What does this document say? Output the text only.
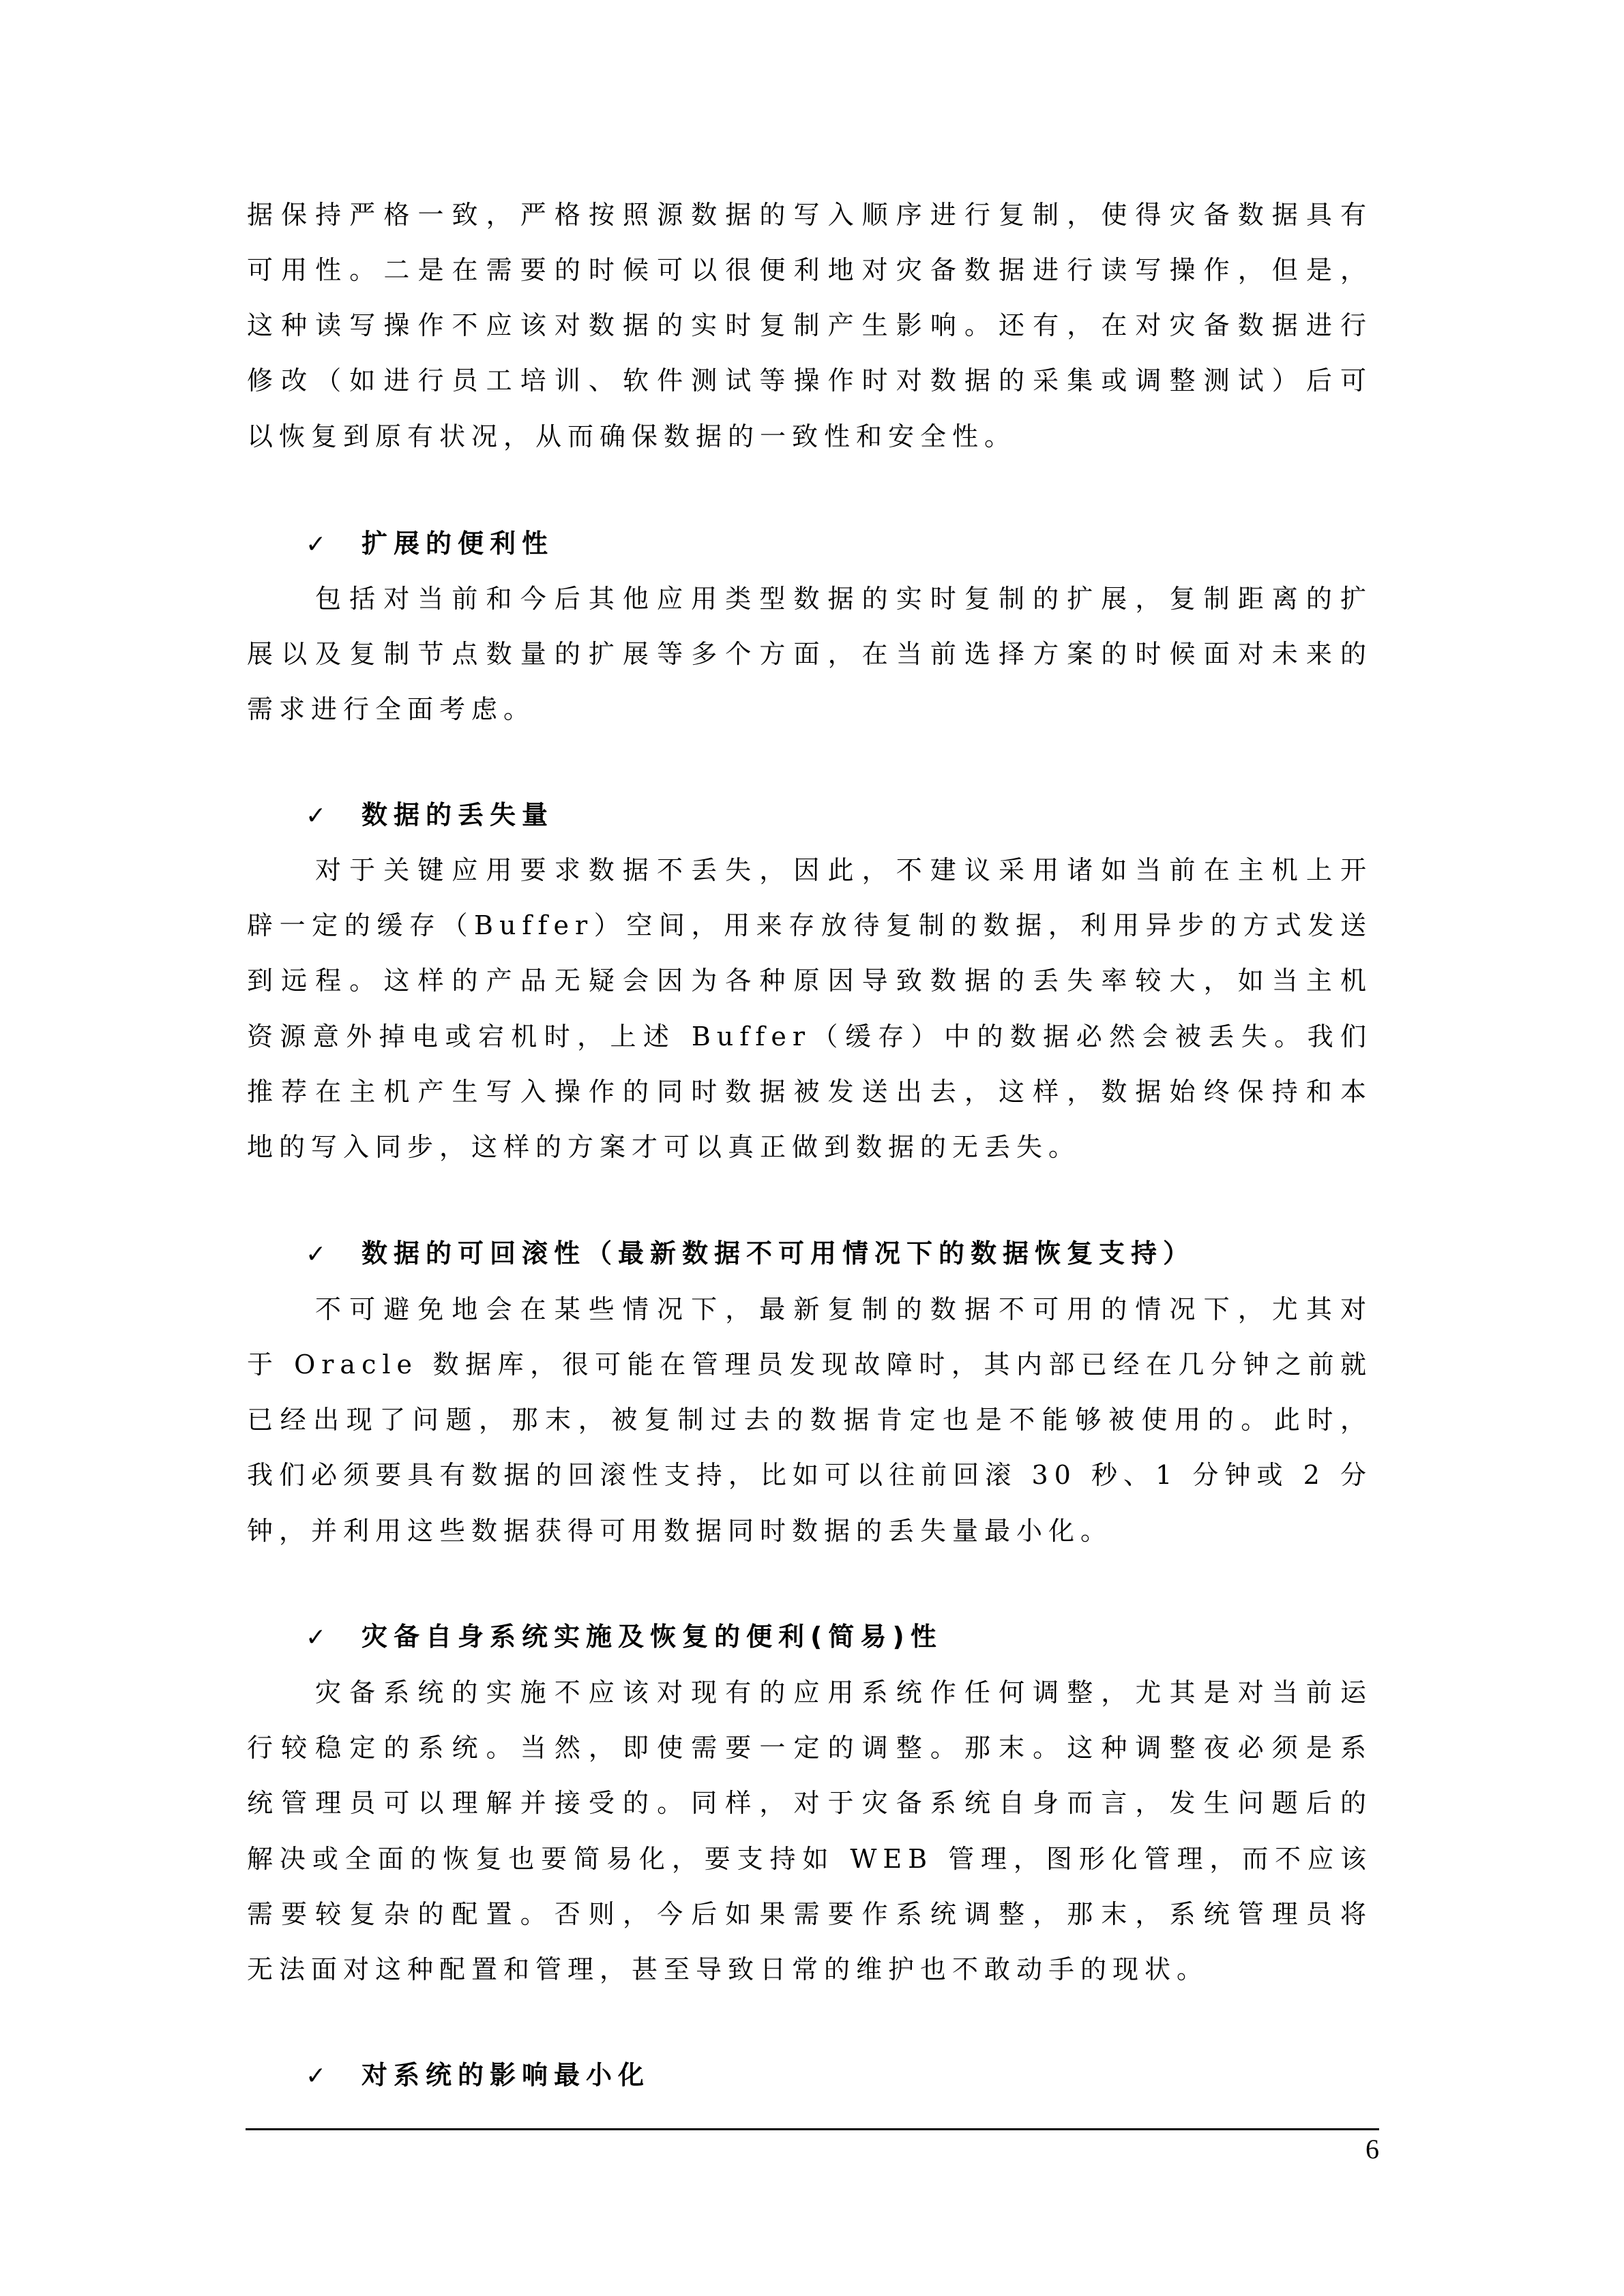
据保持严格一致，严格按照源数据的写入顺序进行复制，使得灾备数据具有
可用性。二是在需要的时候可以很便利地对灾备数据进行读写操作，但是，
这种读写操作不应该对数据的实时复制产生影响。还有，在对灾备数据进行
修改（如进行员工培训、软件测试等操作时对数据的采集或调整测试）后可
以恢复到原有状况，从而确保数据的一致性和安全性。
✓ 扩展的便利性
包括对当前和今后其他应用类型数据的实时复制的扩展，复制距离的扩
展以及复制节点数量的扩展等多个方面，在当前选择方案的时候面对未来的
需求进行全面考虑。
✓ 数据的丢失量
对于关键应用要求数据不丢失，因此，不建议采用诸如当前在主机上开
辟一定的缓存（Buffer）空间，用来存放待复制的数据，利用异步的方式发送
到远程。这样的产品无疑会因为各种原因导致数据的丢失率较大，如当主机
资源意外掉电或宕机时，上述 Buffer（缓存）中的数据必然会被丢失。我们
推荐在主机产生写入操作的同时数据被发送出去，这样，数据始终保持和本
地的写入同步，这样的方案才可以真正做到数据的无丢失。
✓ 数据的可回滚性（最新数据不可用情况下的数据恢复支持）
不可避免地会在某些情况下，最新复制的数据不可用的情况下，尤其对
于 Oracle 数据库，很可能在管理员发现故障时，其内部已经在几分钟之前就
已经出现了问题，那末，被复制过去的数据肯定也是不能够被使用的。此时，
我们必须要具有数据的回滚性支持，比如可以往前回滚 30 秒、1 分钟或 2 分
钟，并利用这些数据获得可用数据同时数据的丢失量最小化。
✓ 灾备自身系统实施及恢复的便利(简易)性
灾备系统的实施不应该对现有的应用系统作任何调整，尤其是对当前运
行较稳定的系统。当然，即使需要一定的调整。那末。这种调整夜必须是系
统管理员可以理解并接受的。同样，对于灾备系统自身而言，发生问题后的
解决或全面的恢复也要简易化，要支持如 WEB 管理，图形化管理，而不应该
需要较复杂的配置。否则，今后如果需要作系统调整，那末，系统管理员将
无法面对这种配置和管理，甚至导致日常的维护也不敢动手的现状。
✓ 对系统的影响最小化
6
